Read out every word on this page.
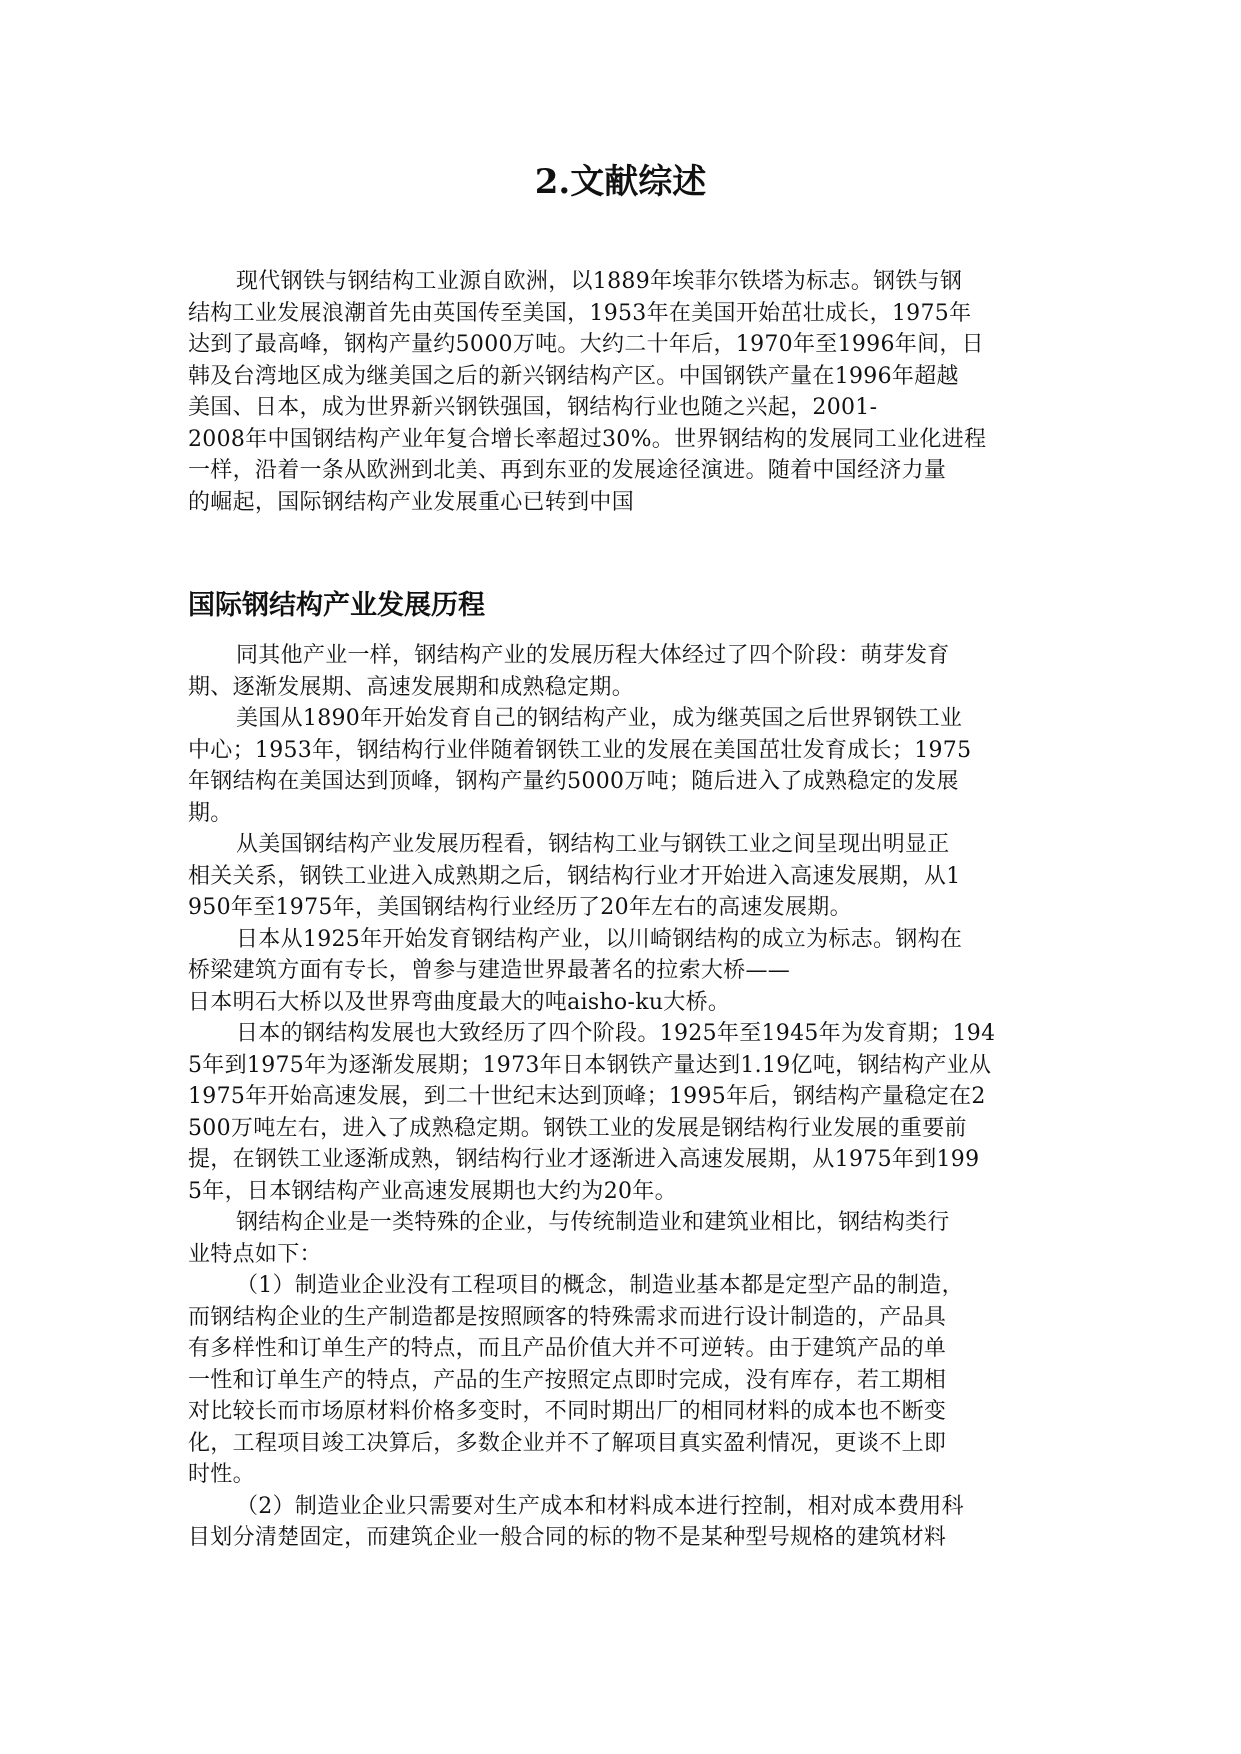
2.文献综述
现代钢铁与钢结构工业源自欧洲，以1889年埃菲尔铁塔为标志。钢铁与钢
结构工业发展浪潮首先由英国传至美国，1953年在美国开始茁壮成长，1975年
达到了最高峰，钢构产量约5000万吨。大约二十年后，1970年至1996年间，日
韩及台湾地区成为继美国之后的新兴钢结构产区。中国钢铁产量在1996年超越
美国、日本，成为世界新兴钢铁强国，钢结构行业也随之兴起，2001-
2008年中国钢结构产业年复合增长率超过30%。世界钢结构的发展同工业化进程
一样，沿着一条从欧洲到北美、再到东亚的发展途径演进。随着中国经济力量
的崛起，国际钢结构产业发展重心已转到中国
国际钢结构产业发展历程
同其他产业一样，钢结构产业的发展历程大体经过了四个阶段：萌芽发育
期、逐渐发展期、高速发展期和成熟稳定期。
美国从1890年开始发育自己的钢结构产业，成为继英国之后世界钢铁工业
中心；1953年，钢结构行业伴随着钢铁工业的发展在美国茁壮发育成长；1975
年钢结构在美国达到顶峰，钢构产量约5000万吨；随后进入了成熟稳定的发展
期。
从美国钢结构产业发展历程看，钢结构工业与钢铁工业之间呈现出明显正
相关关系，钢铁工业进入成熟期之后，钢结构行业才开始进入高速发展期，从1
950年至1975年，美国钢结构行业经历了20年左右的高速发展期。
日本从1925年开始发育钢结构产业，以川崎钢结构的成立为标志。钢构在
桥梁建筑方面有专长，曾参与建造世界最著名的拉索大桥——
日本明石大桥以及世界弯曲度最大的吨aisho-ku大桥。
日本的钢结构发展也大致经历了四个阶段。1925年至1945年为发育期；194
5年到1975年为逐渐发展期；1973年日本钢铁产量达到1.19亿吨，钢结构产业从
1975年开始高速发展，到二十世纪末达到顶峰；1995年后，钢结构产量稳定在2
500万吨左右，进入了成熟稳定期。钢铁工业的发展是钢结构行业发展的重要前
提，在钢铁工业逐渐成熟，钢结构行业才逐渐进入高速发展期，从1975年到199
5年，日本钢结构产业高速发展期也大约为20年。
钢结构企业是一类特殊的企业，与传统制造业和建筑业相比，钢结构类行
业特点如下：
（1）制造业企业没有工程项目的概念，制造业基本都是定型产品的制造，
而钢结构企业的生产制造都是按照顾客的特殊需求而进行设计制造的，产品具
有多样性和订单生产的特点，而且产品价值大并不可逆转。由于建筑产品的单
一性和订单生产的特点，产品的生产按照定点即时完成，没有库存，若工期相
对比较长而市场原材料价格多变时，不同时期出厂的相同材料的成本也不断变
化，工程项目竣工决算后，多数企业并不了解项目真实盈利情况，更谈不上即
时性。
（2）制造业企业只需要对生产成本和材料成本进行控制，相对成本费用科
目划分清楚固定，而建筑企业一般合同的标的物不是某种型号规格的建筑材料
